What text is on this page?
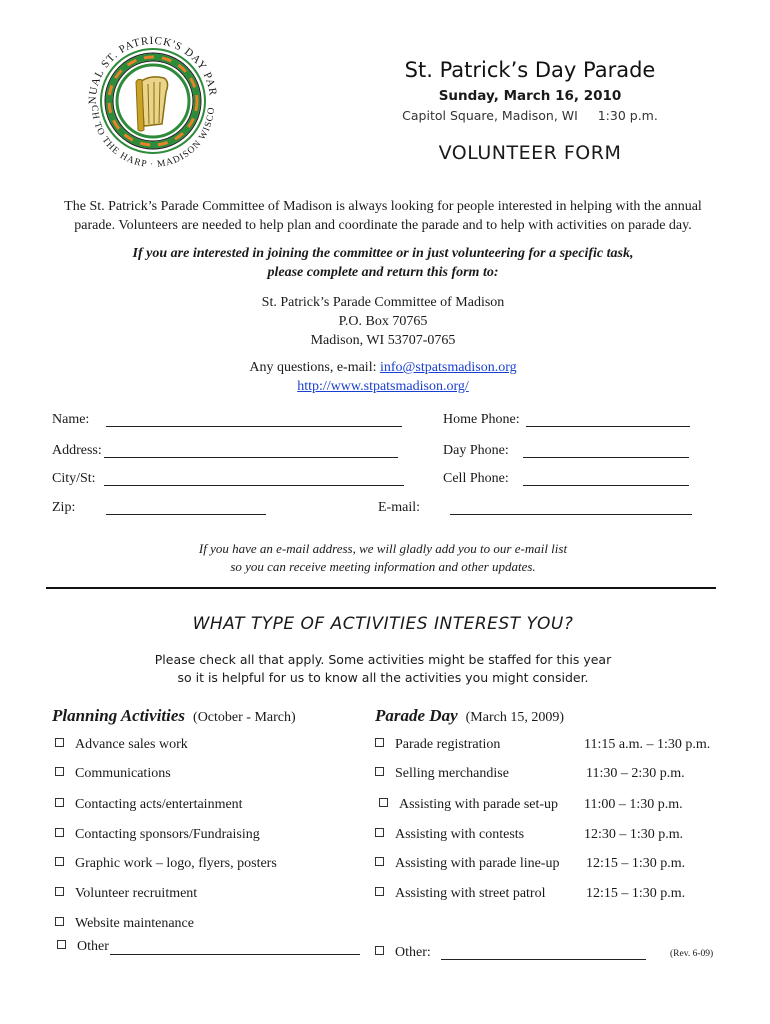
NUAL ST. PATRICK'S DAY PAR
CH TO THE HARP · MADISON WISCO
St. Patrick’s Day Parade
Sunday, March 16, 2010
Capitol Square, Madison, WI     1:30 p.m.
VOLUNTEER FORM
The St. Patrick’s Parade Committee of Madison is always looking for people interested in helping with the annual parade. Volunteers are needed to help plan and coordinate the parade and to help with activities on parade day.
If you are interested in joining the committee or in just volunteering for a specific task,
please complete and return this form to:
St. Patrick’s Parade Committee of Madison
P.O. Box 70765
Madison, WI 53707-0765
Any questions, e-mail: info@stpatsmadison.org
http://www.stpatsmadison.org/
Name:	Home Phone:
Address:	Day Phone:
City/St:	Cell Phone:
Zip:	E-mail:
If you have an e-mail address, we will gladly add you to our e-mail list
so you can receive meeting information and other updates.
WHAT TYPE OF ACTIVITIES INTEREST YOU?
Please check all that apply. Some activities might be staffed for this year
so it is helpful for us to know all the activities you might consider.
Planning Activities (October - March)	Parade Day (March 15, 2009)
Advance sales work
Communications
Contacting acts/entertainment
Contacting sponsors/Fundraising
Graphic work – logo, flyers, posters
Volunteer recruitment
Website maintenance
Other
Parade registration	11:15 a.m. – 1:30 p.m.
Selling merchandise	11:30 – 2:30 p.m.
Assisting with parade set-up 11:00 – 1:30 p.m.
Assisting with contests	12:30 – 1:30 p.m.
Assisting with parade line-up 12:15 – 1:30 p.m.
Assisting with street patrol	12:15 – 1:30 p.m.
Other:	(Rev. 6-09)
